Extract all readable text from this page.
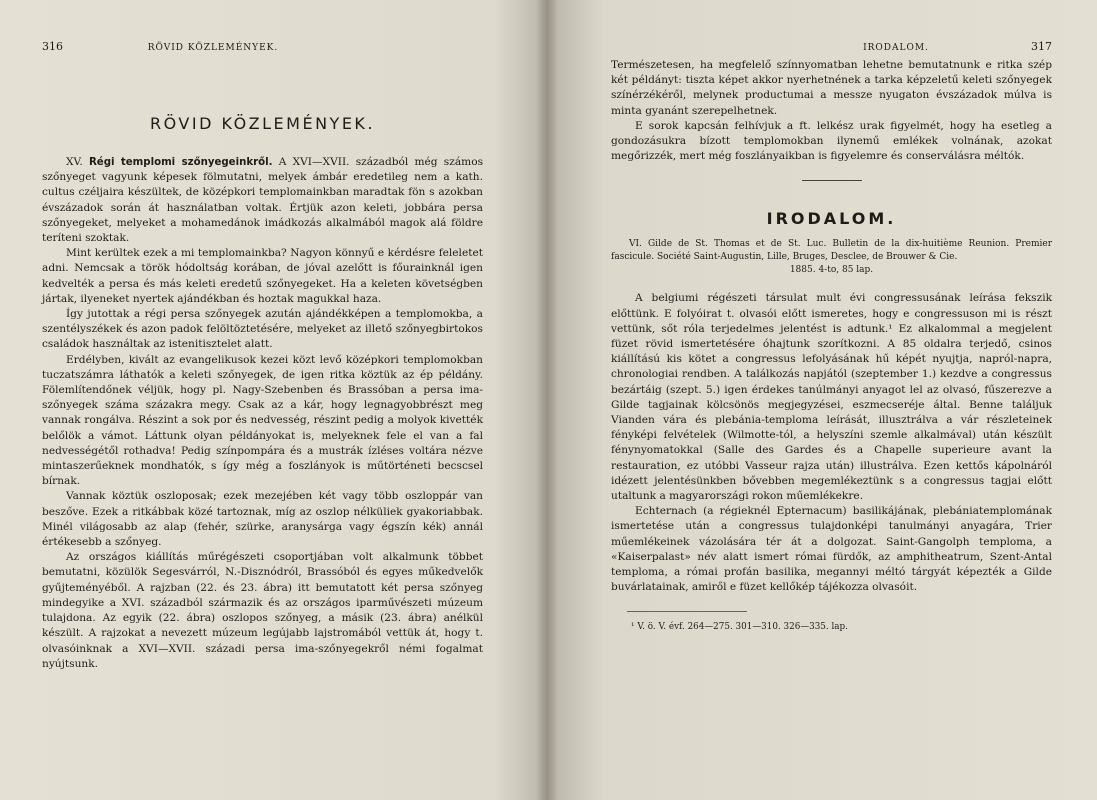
316	RÖVID KÖZLEMÉNYEK.
RÖVID KÖZLEMÉNYEK.

XV. Régi templomi szőnyegeinkről. A XVI—XVII. századból még számos szőnyeget vagyunk képesek fölmutatni, melyek ámbár eredetileg nem a kath. cultus czéljaira készültek, de középkori templomainkban maradtak fön s azokban évszázadok során át használatban voltak. Értjük azon keleti, jobbára persa szőnyegeket, melyeket a mohamedánok imádkozás alkalmából magok alá földre teríteni szoktak.

Mint kerültek ezek a mi templomainkba? Nagyon könnyű e kérdésre feleletet adni. Nemcsak a török hódoltság korában, de jóval azelőtt is főurainknál igen kedvelték a persa és más keleti eredetű szőnyegeket. Ha a keleten követségben jártak, ilyeneket nyertek ajándékban és hoztak magukkal haza.

Így jutottak a régi persa szőnyegek azután ajándékképen a templomokba, a szentélyszékek és azon padok felöltöztetésére, melyeket az illető szőnyegbirtokos családok használtak az istenitisztelet alatt.

Erdélyben, kivált az evangelikusok kezei közt levő középkori templomokban tuczatszámra láthatók a keleti szőnyegek, de igen ritka köztük az ép példány. Fölemlítendőnek véljük, hogy pl. Nagy-Szebenben és Brassóban a persa ima-szőnyegek száma százakra megy. Csak az a kár, hogy legnagyobbrészt meg vannak rongálva. Részint a sok por és nedvesség, részint pedig a molyok kivették belőlök a vámot. Láttunk olyan példányokat is, melyeknek fele el van a fal nedvességétől rothadva! Pedig színpompára és a mustrák ízléses voltára nézve mintaszerűeknek mondhatók, s így még a foszlányok is műtörténeti becscsel bírnak.

Vannak köztük oszloposak; ezek mezejében két vagy több oszloppár van beszőve. Ezek a ritkábbak közé tartoznak, míg az oszlop nélküliek gyakoriabbak. Minél világosabb az alap (fehér, szürke, aranysárga vagy égszín kék) annál értékesebb a szőnyeg.

Az országos kiállítás műrégészeti csoportjában volt alkalmunk többet bemutatni, közülök Segesvárról, N.-Disznódról, Brassóból és egyes műkedvelők gyűjteményéből. A rajzban (22. és 23. ábra) itt bemutatott két persa szőnyeg mindegyike a XVI. századból származik és az országos iparművészeti múzeum tulajdona. Az egyik (22. ábra) oszlopos szőnyeg, a másik (23. ábra) anélkül készült. A rajzokat a nevezett múzeum legújabb lajstromából vettük át, hogy t. olvasóinknak a XVI—XVII. századi persa ima-szőnyegekről némi fogalmat nyújtsunk.

IRODALOM.	317

Természetesen, ha megfelelő színnyomatban lehetne bemutatnunk e ritka szép két példányt: tiszta képet akkor nyerhetnének a tarka képzeletű keleti szőnyegek színérzékéről, melynek productumai a messze nyugaton évszázadok múlva is minta gyanánt szerepelhetnek.

E sorok kapcsán felhívjuk a ft. lelkész urak figyelmét, hogy ha esetleg a gondozásukra bízott templomokban ilynemű emlékek volnának, azokat megőrizzék, mert még foszlányaikban is figyelemre és conserválásra méltók.

IRODALOM.
VI. Gilde de St. Thomas et de St. Luc. Bulletin de la dix-huitième Reunion. Premier fascicule. Société Saint-Augustin, Lille, Bruges, Desclee, de Brouwer & Cie.
1885. 4-to, 85 lap.

A belgiumi régészeti társulat mult évi congressusának leírása fekszik előttünk. E folyóirat t. olvasói előtt ismeretes, hogy e congressuson mi is részt vettünk, sőt róla terjedelmes jelentést is adtunk.¹ Ez alkalommal a megjelent füzet rövid ismertetésére óhajtunk szorítkozni. A 85 oldalra terjedő, csinos kiállítású kis kötet a congressus lefolyásának hű képét nyujtja, napról-napra, chronologiai rendben. A találkozás napjától (szeptember 1.) kezdve a congressus bezártáig (szept. 5.) igen érdekes tanúlmányi anyagot lel az olvasó, fűszerezve a Gilde tagjainak kölcsönös megjegyzései, eszmecseréje által. Benne találjuk Vianden vára és plebánia-temploma leírását, illusztrálva a vár részleteinek fényképi felvételek (Wilmotte-tól, a helyszíni szemle alkalmával) után készült fénynyomatokkal (Salle des Gardes és a Chapelle superieure avant la restauration, ez utóbbi Vasseur rajza után) illustrálva. Ezen kettős kápolnáról idézett jelentésünkben bővebben megemlékeztünk s a congressus tagjai előtt utaltunk a magyarországi rokon műemlékekre.

Echternach (a régieknél Epternacum) basilikájának, plebániatemplomának ismertetése után a congressus tulajdonképi tanulmányi anyagára, Trier műemlékeinek vázolására tér át a dolgozat. Saint-Gangolph temploma, a «Kaiserpalast» név alatt ismert római fürdők, az amphitheatrum, Szent-Antal temploma, a római profán basilika, megannyi méltó tárgyát képezték a Gilde buvárlatainak, amiről e füzet kellőkép tájékozza olvasóit.

¹ V. ö. V. évf. 264—275. 301—310. 326—335. lap.
